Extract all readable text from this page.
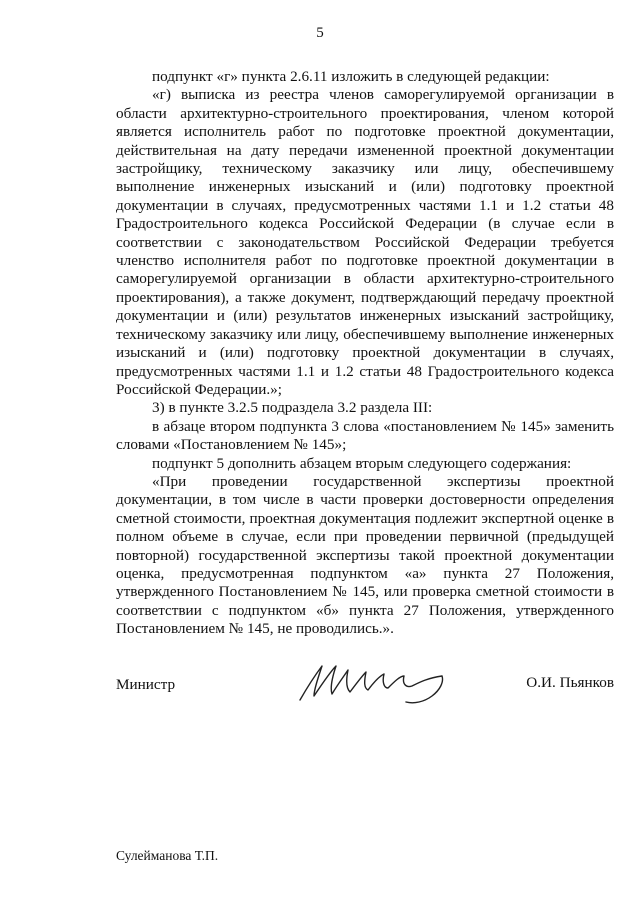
5

подпункт «г» пункта 2.6.11 изложить в следующей редакции:

«г) выписка из реестра членов саморегулируемой организации в области архитектурно-строительного проектирования, членом которой является исполнитель работ по подготовке проектной документации, действительная на дату передачи измененной проектной документации застройщику, техническому заказчику или лицу, обеспечившему выполнение инженерных изысканий и (или) подготовку проектной документации в случаях, предусмотренных частями 1.1 и 1.2 статьи 48 Градостроительного кодекса Российской Федерации (в случае если в соответствии с законодательством Российской Федерации требуется членство исполнителя работ по подготовке проектной документации в саморегулируемой организации в области архитектурно-строительного проектирования), а также документ, подтверждающий передачу проектной документации и (или) результатов инженерных изысканий застройщику, техническому заказчику или лицу, обеспечившему выполнение инженерных изысканий и (или) подготовку проектной документации в случаях, предусмотренных частями 1.1 и 1.2 статьи 48 Градостроительного кодекса Российской Федерации.»;

3) в пункте 3.2.5 подраздела 3.2 раздела III:

в абзаце втором подпункта 3 слова «постановлением № 145» заменить словами «Постановлением № 145»;

подпункт 5 дополнить абзацем вторым следующего содержания:

«При проведении государственной экспертизы проектной документации, в том числе в части проверки достоверности определения сметной стоимости, проектная документация подлежит экспертной оценке в полном объеме в случае, если при проведении первичной (предыдущей повторной) государственной экспертизы такой проектной документации оценка, предусмотренная подпунктом «а» пункта 27 Положения, утвержденного Постановлением № 145, или проверка сметной стоимости в соответствии с подпунктом «б» пункта 27 Положения, утвержденного Постановлением № 145, не проводились.».

Министр	О.И. Пьянков
Сулейманова Т.П.
